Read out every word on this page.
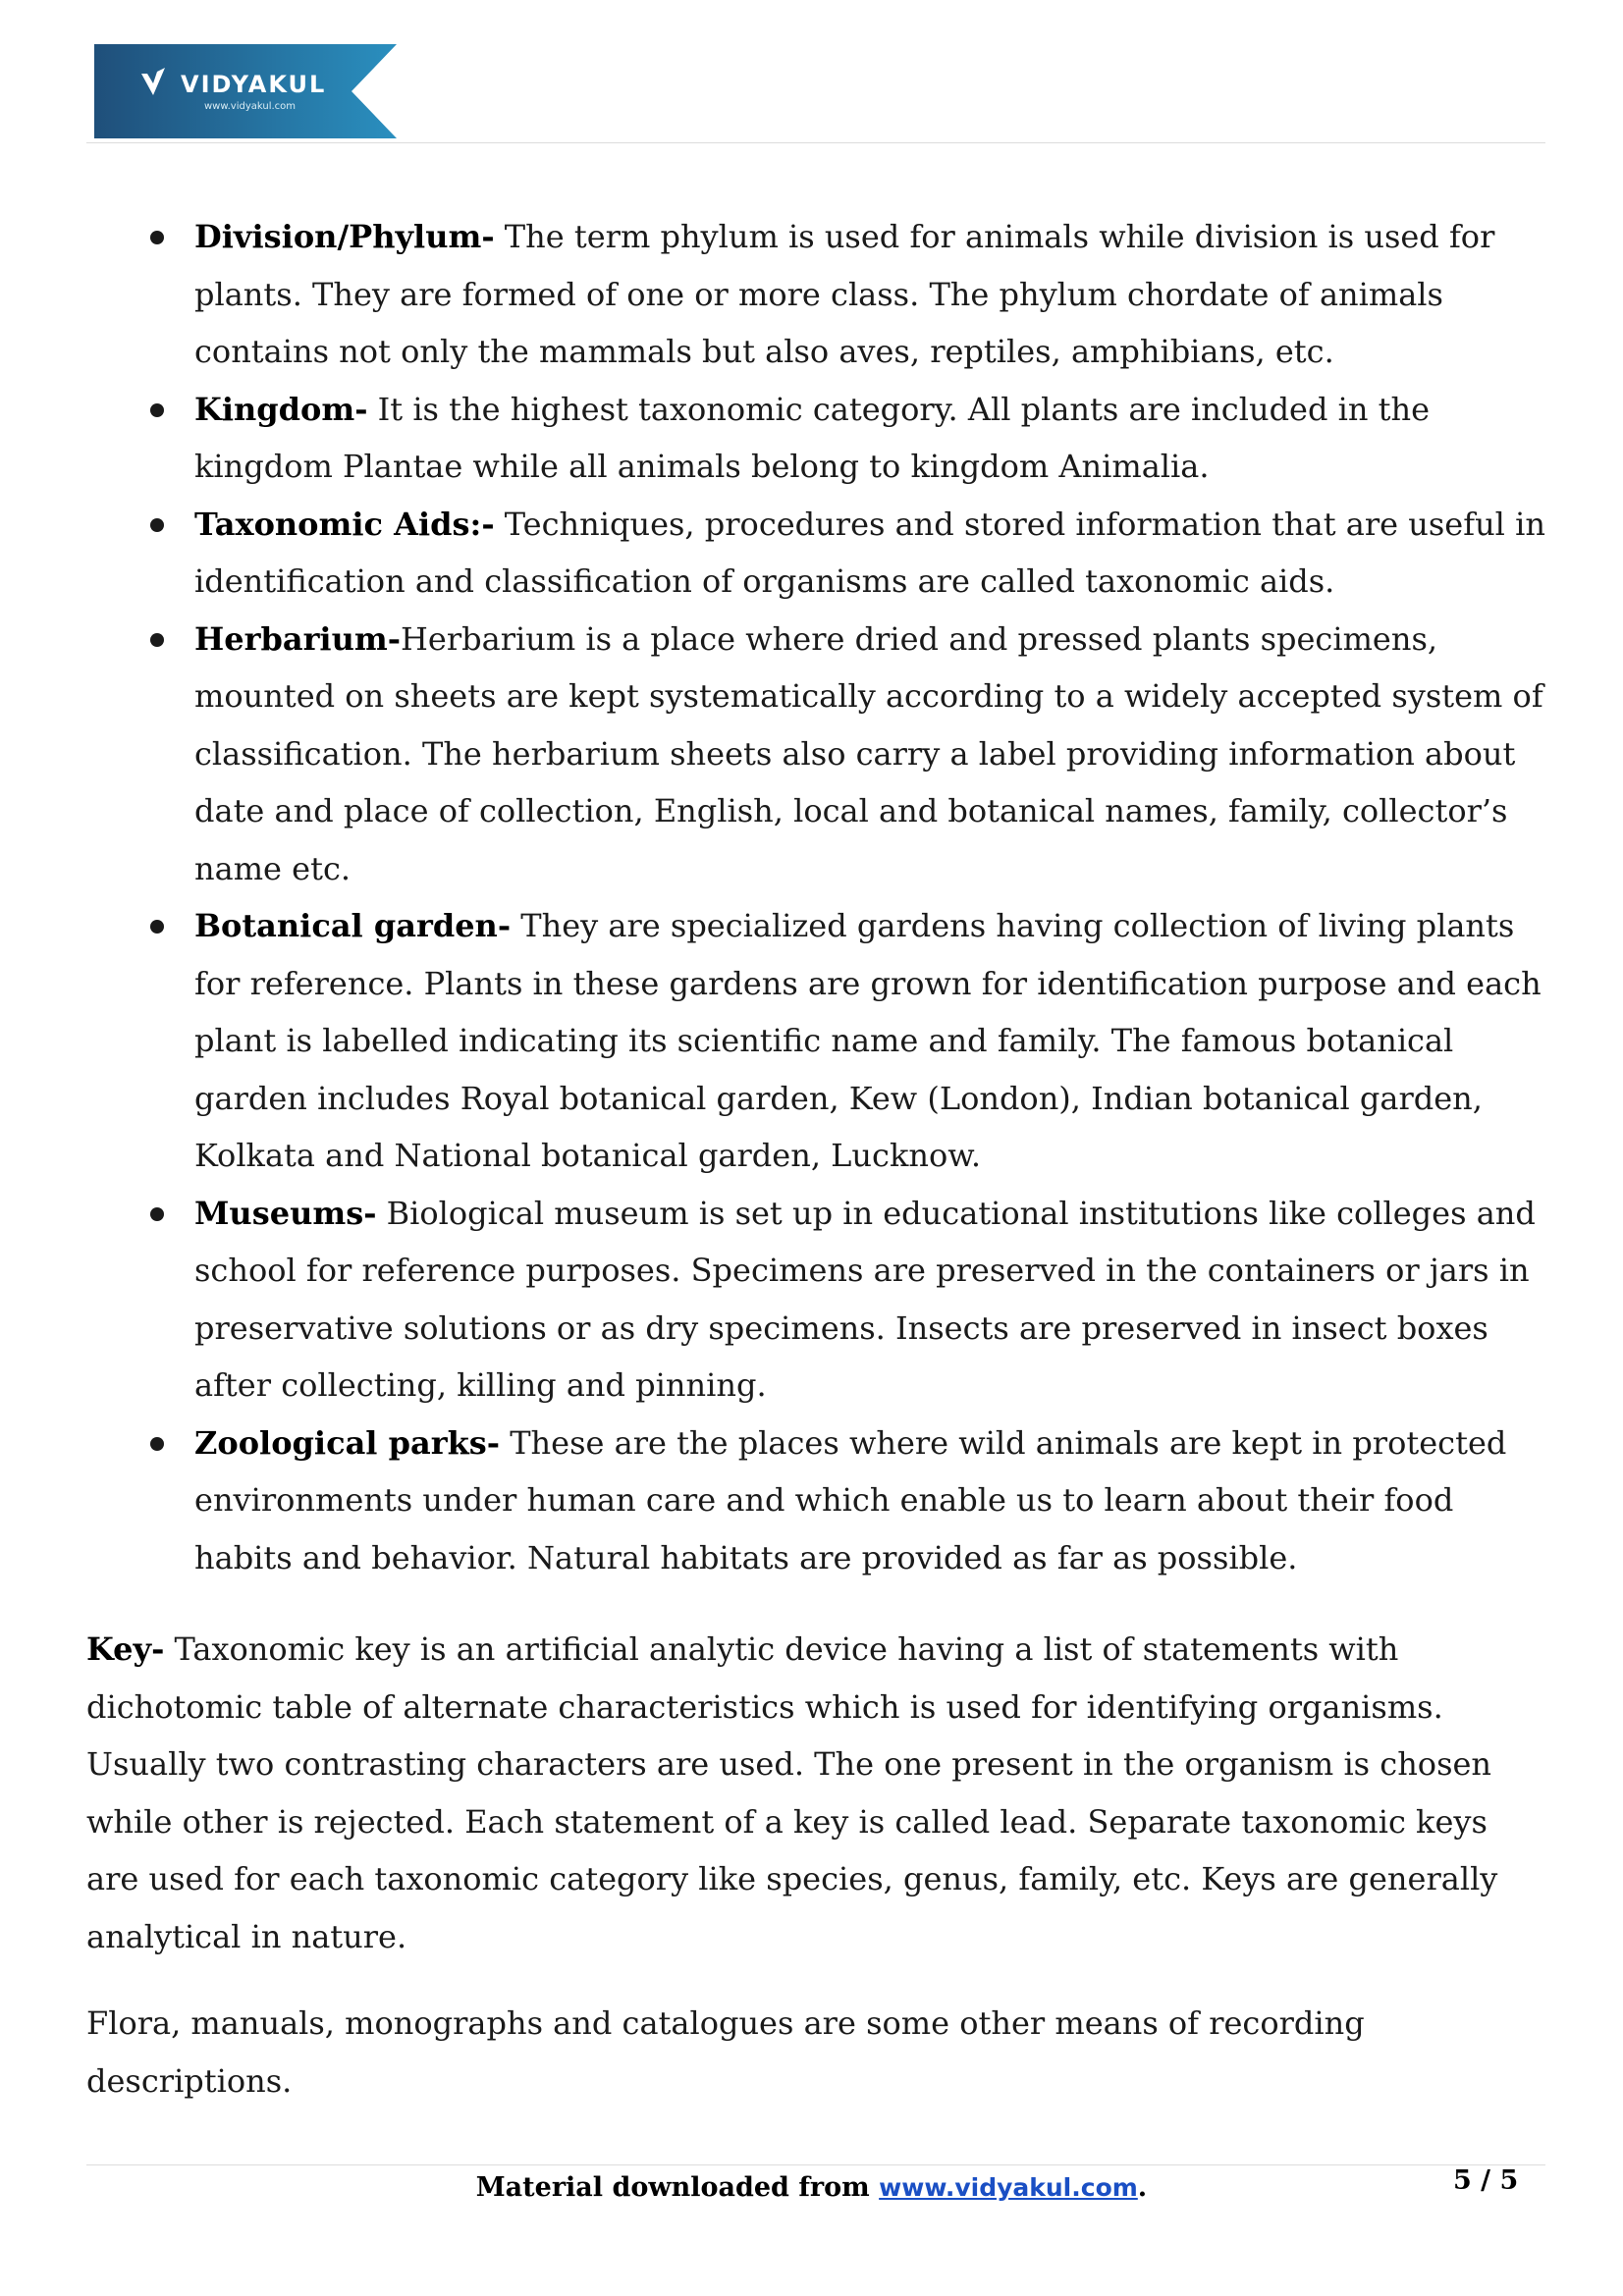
VIDYAKUL
www.vidyakul.com
Division/Phylum- The term phylum is used for animals while division is used for plants. They are formed of one or more class. The phylum chordate of animals contains not only the mammals but also aves, reptiles, amphibians, etc.
Kingdom- It is the highest taxonomic category. All plants are included in the kingdom Plantae while all animals belong to kingdom Animalia.
Taxonomic Aids:- Techniques, procedures and stored information that are useful in identification and classification of organisms are called taxonomic aids.
Herbarium-Herbarium is a place where dried and pressed plants specimens, mounted on sheets are kept systematically according to a widely accepted system of classification. The herbarium sheets also carry a label providing information about date and place of collection, English, local and botanical names, family, collector’s name etc.
Botanical garden- They are specialized gardens having collection of living plants for reference. Plants in these gardens are grown for identification purpose and each plant is labelled indicating its scientific name and family. The famous botanical garden includes Royal botanical garden, Kew (London), Indian botanical garden, Kolkata and National botanical garden, Lucknow.
Museums- Biological museum is set up in educational institutions like colleges and school for reference purposes. Specimens are preserved in the containers or jars in preservative solutions or as dry specimens. Insects are preserved in insect boxes after collecting, killing and pinning.
Zoological parks- These are the places where wild animals are kept in protected environments under human care and which enable us to learn about their food habits and behavior. Natural habitats are provided as far as possible.

Key- Taxonomic key is an artificial analytic device having a list of statements with dichotomic table of alternate characteristics which is used for identifying organisms. Usually two contrasting characters are used. The one present in the organism is chosen while other is rejected. Each statement of a key is called lead. Separate taxonomic keys are used for each taxonomic category like species, genus, family, etc. Keys are generally analytical in nature.

Flora, manuals, monographs and catalogues are some other means of recording descriptions.

Material downloaded from www.vidyakul.com.	5 / 5
